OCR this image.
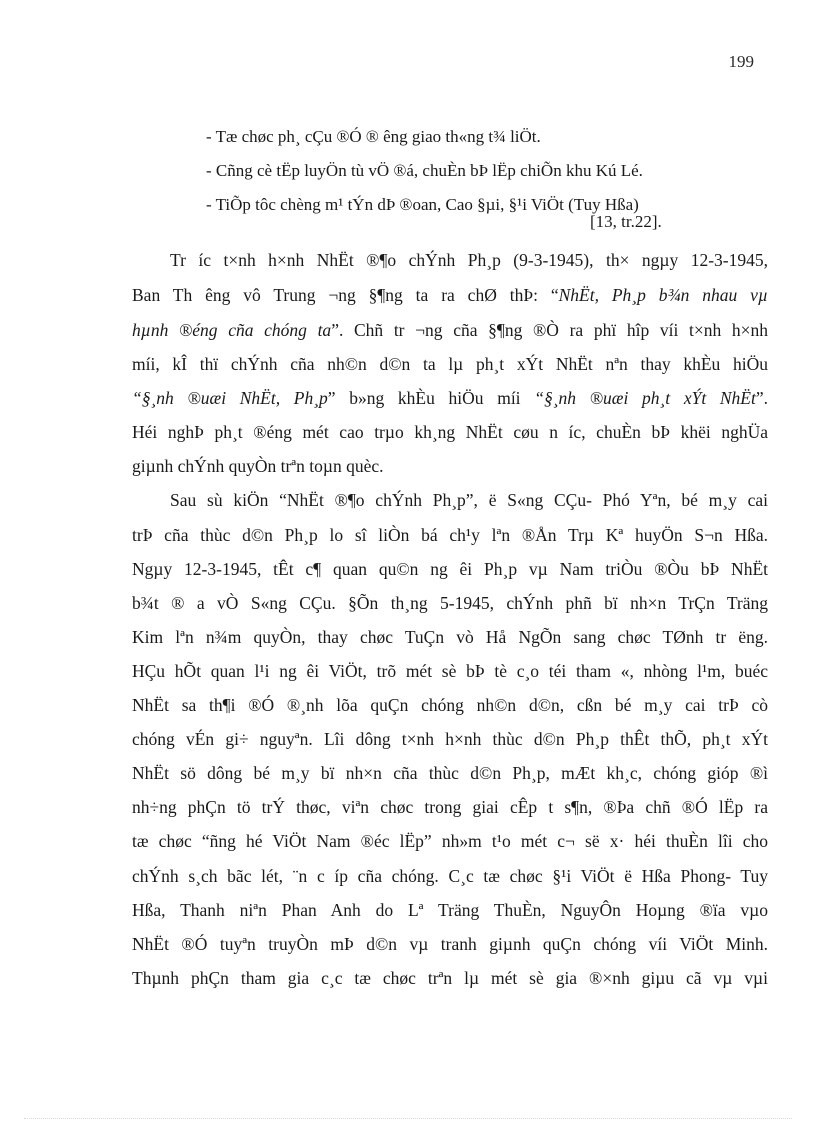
199
- Tæ chøc ph¸ cÇu ®Ó ® êng giao th«ng t¾ liÖt.
- Cñng cè tËp luyÖn tù vÖ ®á, chuÈn bÞ lËp chiÕn khu Kú Lé.
- TiÕp tôc chèng m¹ tÝn dÞ ®oan, Cao §µi, §¹i ViÖt (Tuy Hßa)
[13, tr.22].
Tr íc t×nh h×nh NhËt ®¶o chÝnh Ph¸p (9-3-1945), th× ngµy 12-3-1945,
Ban Th êng vô Trung ¬ng §¶ng ta ra chØ thÞ: “NhËt, Ph¸p b¾n nhau vµ
hµnh ®éng cña chóng ta”. Chñ tr ¬ng cña §¶ng ®Ò ra phï hîp víi t×nh h×nh
míi, kÎ thï chÝnh cña nh©n d©n ta lµ ph¸t xÝt NhËt nªn thay khÈu hiÖu
“§¸nh ®uæi NhËt, Ph¸p” b»ng khÈu hiÖu míi “§¸nh ®uæi ph¸t xÝt NhËt”.
Héi nghÞ ph¸t ®éng mét cao trµo kh¸ng NhËt cøu n íc, chuÈn bÞ khëi nghÜa
giµnh chÝnh quyÒn trªn toµn quèc.
Sau sù kiÖn “NhËt ®¶o chÝnh Ph¸p”, ë S«ng CÇu- Phó Yªn, bé m¸y cai
trÞ cña thùc d©n Ph¸p lo sî liÒn bá ch¹y lªn ®Ån Trµ Kª huyÖn S¬n Hßa.
Ngµy 12-3-1945, tÊt c¶ quan qu©n ng êi Ph¸p vµ Nam triÒu ®Òu bÞ NhËt
b¾t ® a vÒ S«ng CÇu. §Õn th¸ng 5-1945, chÝnh phñ bï nh×n TrÇn Träng
Kim lªn n¾m quyÒn, thay chøc TuÇn vò Hå NgÕn sang chøc TØnh tr ëng.
HÇu hÕt quan l¹i ng êi ViÖt, trõ mét sè bÞ tè c¸o téi tham «, nhòng l¹m, buéc
NhËt sa th¶i ®Ó ®¸nh lõa quÇn chóng nh©n d©n, cßn bé m¸y cai trÞ cò
chóng vÉn gi÷ nguyªn. Lîi dông t×nh h×nh thùc d©n Ph¸p thÊt thÕ, ph¸t xÝt
NhËt sö dông bé m¸y bï nh×n cña thùc d©n Ph¸p, mÆt kh¸c, chóng gióp ®ì
nh÷ng phÇn tö trÝ thøc, viªn chøc trong giai cÊp t s¶n, ®Þa chñ ®Ó lËp ra
tæ chøc “ñng hé ViÖt Nam ®éc lËp” nh»m t¹o mét c¬ së x· héi thuÈn lîi cho
chÝnh s¸ch bãc lét, ¨n c íp cña chóng. C¸c tæ chøc §¹i ViÖt ë Hßa Phong- Tuy
Hßa, Thanh niªn Phan Anh do Lª Träng ThuÈn, NguyÔn Hoµng ®ïa vµo
NhËt ®Ó tuyªn truyÒn mÞ d©n vµ tranh giµnh quÇn chóng víi ViÖt Minh.
Thµnh phÇn tham gia c¸c tæ chøc trªn lµ mét sè gia ®×nh giµu cã vµ vµi
